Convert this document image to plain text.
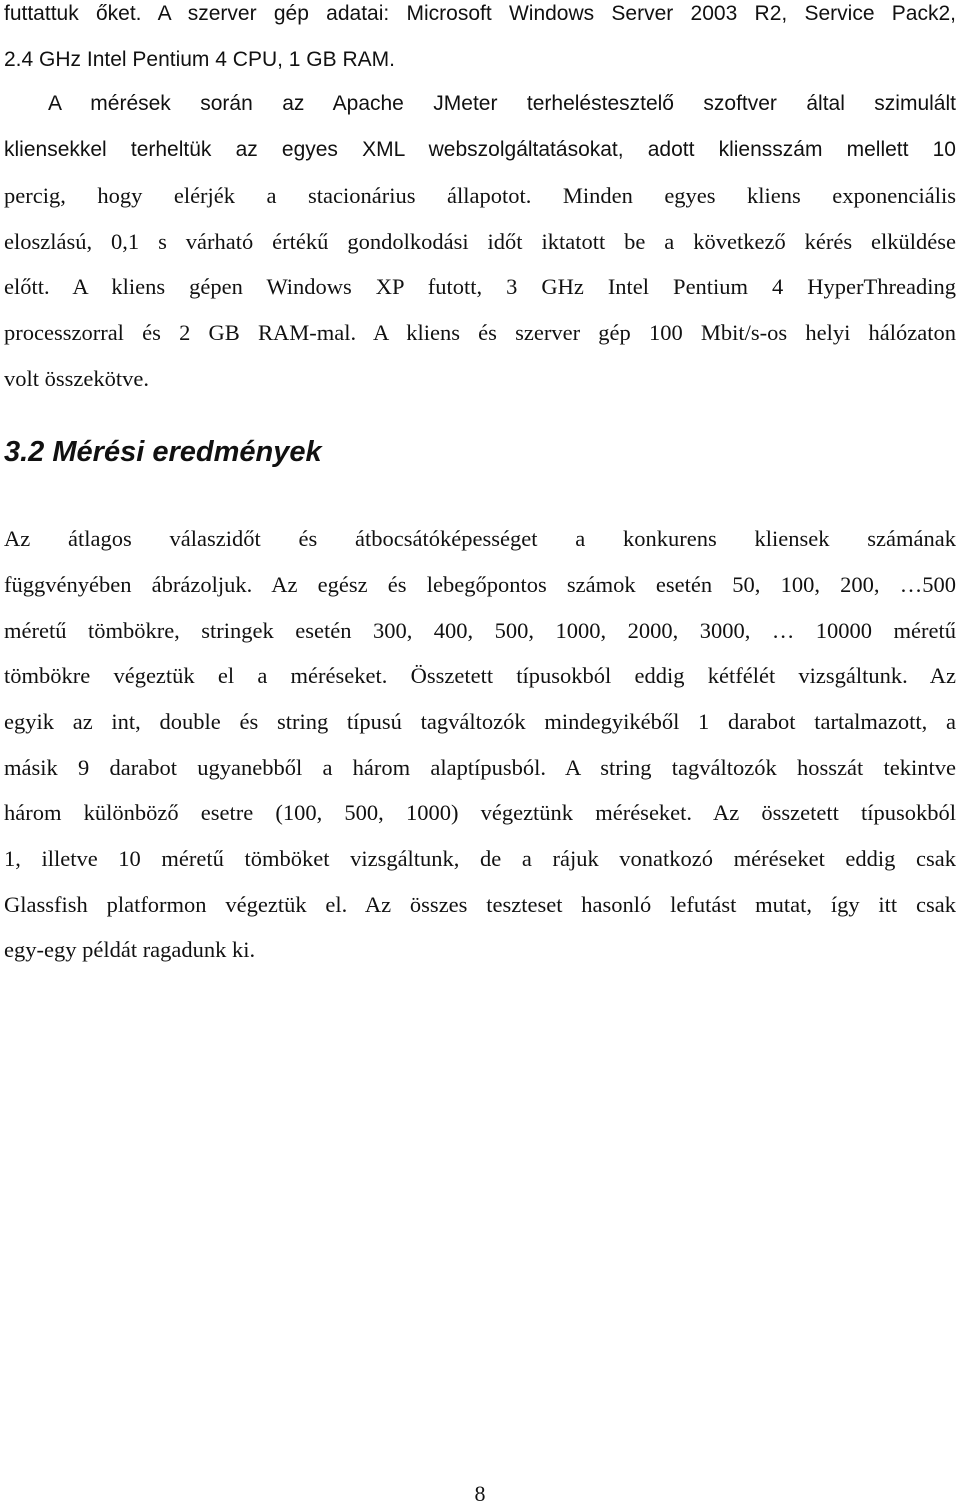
futtattuk őket. A szerver gép adatai: Microsoft Windows Server 2003 R2, Service Pack2,
2.4 GHz Intel Pentium 4 CPU, 1 GB RAM.
A mérések során az Apache JMeter terheléstesztelő szoftver által szimulált
kliensekkel terheltük az egyes XML webszolgáltatásokat, adott kliensszám mellett 10
percig, hogy elérjék a stacionárius állapotot. Minden egyes kliens exponenciális
eloszlású, 0,1 s várható értékű gondolkodási időt iktatott be a következő kérés elküldése
előtt. A kliens gépen Windows XP futott, 3 GHz Intel Pentium 4 HyperThreading
processzorral és 2 GB RAM-mal. A kliens és szerver gép 100 Mbit/s-os helyi hálózaton
volt összekötve.
3.2 Mérési eredmények
Az átlagos válaszidőt és átbocsátóképességet a konkurens kliensek számának
függvényében ábrázoljuk. Az egész és lebegőpontos számok esetén 50, 100, 200, …500
méretű tömbökre, stringek esetén 300, 400, 500, 1000, 2000, 3000, … 10000 méretű
tömbökre végeztük el a méréseket. Összetett típusokból eddig kétfélét vizsgáltunk. Az
egyik az int, double és string típusú tagváltozók mindegyikéből 1 darabot tartalmazott, a
másik 9 darabot ugyanebből a három alaptípusból. A string tagváltozók hosszát tekintve
három különböző esetre (100, 500, 1000) végeztünk méréseket. Az összetett típusokból
1, illetve 10 méretű tömböket vizsgáltunk, de a rájuk vonatkozó méréseket eddig csak
Glassfish platformon végeztük el. Az összes teszteset hasonló lefutást mutat, így itt csak
egy-egy példát ragadunk ki.
8
